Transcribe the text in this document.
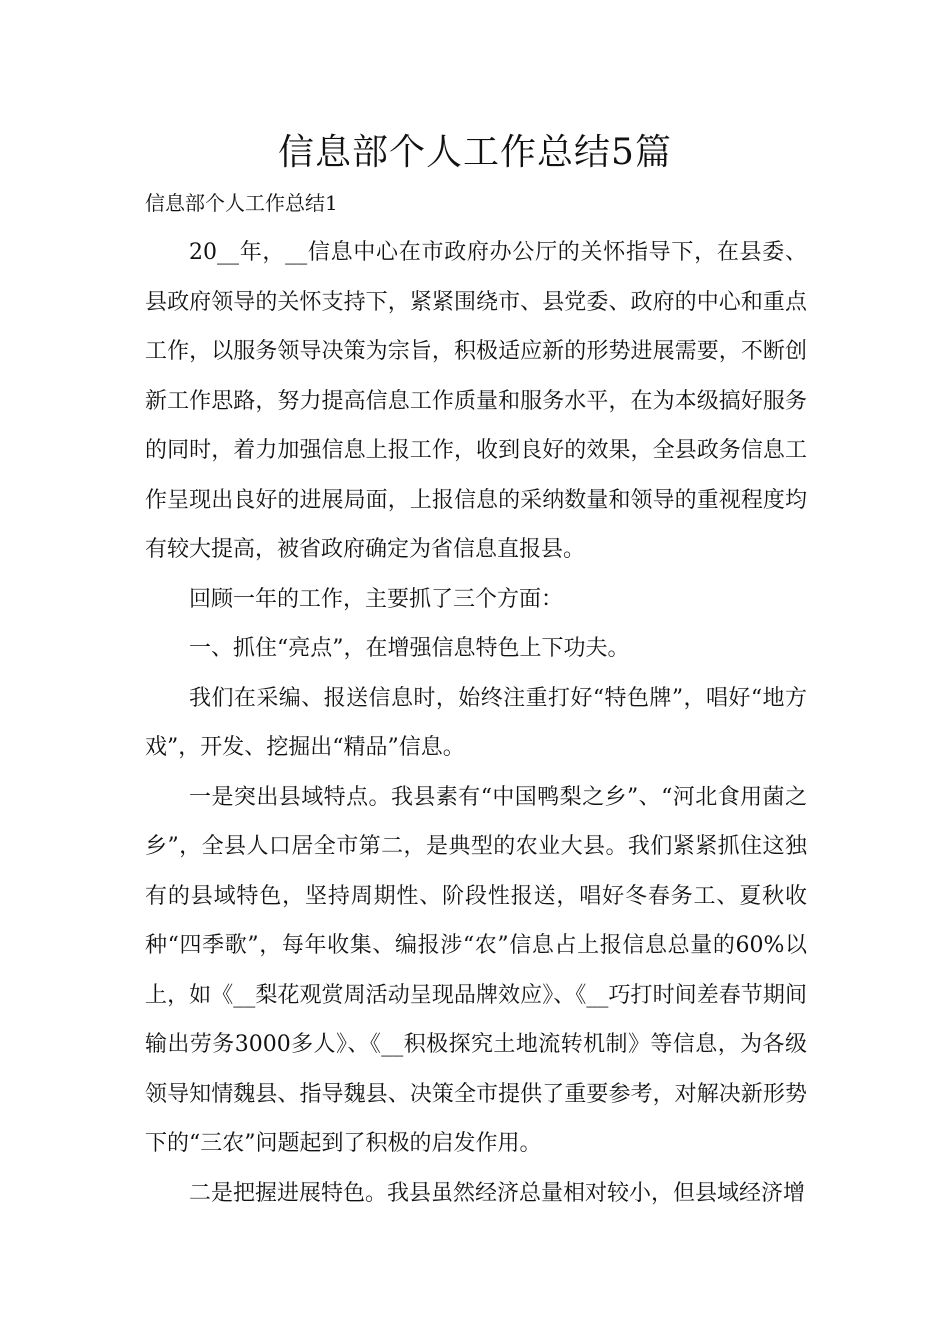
信息部个人工作总结5篇
信息部个人工作总结1

20__年，__信息中心在市政府办公厅的关怀指导下，在县委、县政府领导的关怀支持下，紧紧围绕市、县党委、政府的中心和重点工作，以服务领导决策为宗旨，积极适应新的形势进展需要，不断创新工作思路，努力提高信息工作质量和服务水平，在为本级搞好服务的同时，着力加强信息上报工作，收到良好的效果，全县政务信息工作呈现出良好的进展局面，上报信息的采纳数量和领导的重视程度均有较大提高，被省政府确定为省信息直报县。

回顾一年的工作，主要抓了三个方面：

一、抓住“亮点”，在增强信息特色上下功夫。

我们在采编、报送信息时，始终注重打好“特色牌”，唱好“地方戏”，开发、挖掘出“精品”信息。

一是突出县域特点。我县素有“中国鸭梨之乡”、“河北食用菌之乡”，全县人口居全市第二，是典型的农业大县。我们紧紧抓住这独有的县域特色，坚持周期性、阶段性报送，唱好冬春务工、夏秋收种“四季歌”，每年收集、编报涉“农”信息占上报信息总量的60%以上，如《__梨花观赏周活动呈现品牌效应》、《__巧打时间差春节期间输出劳务3000多人》、《__积极探究土地流转机制》等信息，为各级领导知情魏县、指导魏县、决策全市提供了重要参考，对解决新形势下的“三农”问题起到了积极的启发作用。

二是把握进展特色。我县虽然经济总量相对较小，但县域经济增
